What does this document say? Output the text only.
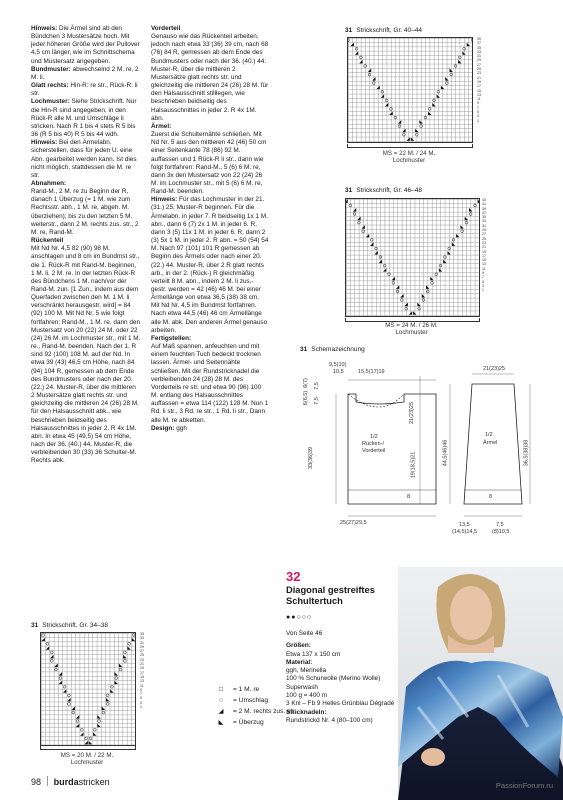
Hinweis: Die Ärmel sind ab den Bündchen 3 Mustersätze hoch. Mit jeder höheren Größe wird der Pullover 4,5 cm länger, wie im Schnittschema und Mustersatz angegeben.

Bundmuster: abwechselnd 2 M. re, 2 M. li.

Glatt rechts: Hin-R: re str., Rück-R: li str.

Lochmuster: Siehe Strickschrift. Nur die Hin-R sind angegeben, in den Rück-R alle M. und Umschläge li stricken. Nach R 1 bis 4 stets R 5 bis 36 (R 5 bis 40) R 5 bis 44 wdh.

Hinweis: Bei den Ärmelabn. sicherstellen, dass für jeden U. eine Abn. gearbeitet werden kann. Ist dies nicht möglich, stattdessen die M. re str.

Abnahmen:

Rand-M., 2 M. re zu Beginn der R, danach 1 Überzug (= 1 M. wie zum Rechtsstr. abh., 1 M. re, abgeh. M. überziehen); bis zu den letzten 5 M. weiterstr., dann 2 M. rechts zus. str., 2 M. re, Rand-M.

Rückenteil

Mit Nd Nr. 4,5 82 (90) 98 M. anschlagen und 8 cm im Bundmst str., die 1. Rück-R mit Rand-M. beginnen, 1 M. li, 2 M. re. In der letzten Rück-R des Bündchens 1 M. nach/vor der Rand-M. zun. [1 Zun., indem aus dem Querfaden zwischen den M. 1 M. li verschränkt herausgestr. wird] = 84 (92) 100 M. Mit Nd Nr. 5 wie folgt fortfahren: Rand-M., 1 M. re, dann den Mustersatz von 20 (22) 24 M. oder 22 (24) 26 M. im Lochmuster str., mit 1 M. re., Rand-M. beenden. Nach der 1. R sind 92 (100) 108 M. auf der Nd. In etwa 39 (43) 46,5 cm Höhe, nach 84 (94) 104 R, gemessen ab dem Ende des Bundmusters oder nach der 20. (22.) 24. Muster-R, über die mittleren 2 Mustersätze glatt rechts str. und gleichzeitig die mittleren 24 (26) 28 M. für den Halsausschnitt abk., wie beschrieben beidseitig des Halsausschnittes in jeder 2. R 4x 1M. abn. In etwa 45 (49,5) 54 cm Höhe, nach der 36. (40.) 44. Muster-R, die verbleibenden 30 (33) 36 Schulter-M. Rechts abk.

Vorderteil

Genauso wie das Rückenteil arbeiten, jedoch nach etwa 33 (36) 39 cm, nach 68 (76) 84 R, gemessen ab dem Ende des Bundmusters oder nach der 36. (40.) 44. Muster-R, über die mittleren 2 Mustersätze glatt rechts str. und gleichzeitig die mittleren 24 (26) 28 M. für den Halsausschnitt stilllegen, wie beschrieben beidseitig des Halsausschnittes in jeder 2. R 4x 1M. abn.

Ärmel:

Zuerst die Schulternähte schließen. Mit Nd Nr. 5 aus den mittleren 42 (46) 50 cm einer Seitenkante 78 (86) 92 M. auffassen und 1 Rück-R li str., dann wie folgt fortfahren: Rand-M., 5 (6) 6 M. re, dann 3x den Mustersatz von 22 (24) 26 M. im Lochmuster str., mit 5 (6) 6 M. re, Rand-M. beenden.

Hinweis: Für das Lochmuster in der 21. (31.) 25. Muster-R beginnen. Für die Ärmelabn. in jeder 7. R beidseitig 1x 1 M. abn., dann 6 (7) 2x 1 M. in jeder 6. R, dann 3 (5) 11x 1 M. in jeder 6. R, dann 2 (3) 5x 1 M. in jeder 2. R abn. = 50 (54) 54 M. Nach 97 (101) 101 R gemessen ab Beginn des Ärmels oder nach einer 20. (22.) 44. Muster-R, über 2 R glatt rechts arb., in der 2. (Rück-) R gleichmäßig verteilt 8 M. abn., indem 2 M. li zus.-gestr. werden = 42 (46) 46 M. bei einer Ärmellänge von etwa 36,5 (38) 38 cm. Mit Nd Nr. 4,5 im Bundmst fortfahren. Nach etwa 44,5 (46) 46 cm Ärmellänge alle M. abk. Den anderen Ärmel genauso arbeiten.

Fertigstellen:

Auf Maß spannen, anfeuchten und mit einem feuchten Tuch bedeckt trocknen lassen. Ärmel- und Seitennähte schließen. Mit der Rundstricknadel die verbleibenden 24 (28) 28 M. des Vorderteils re str. und etwa 90 (96) 100 M. entlang des Halsausschnittes auffassen = etwa 114 (122) 128 M. Nun 1 Rd. li str., 3 Rd. re str., 1 Rd. li str., Dann alle M. re abketten.

Design: ggh

31 Strickschrift, Gr. 40–44
39
37
35
33
31
29
27
25
23
21
19
17
15
13
11
9
7
5
3
1
MS = 22 M. / 24 M.
Lochmuster
31 Strickschrift, Gr. 46–48
43
41
39
37
35
33
31
29
27
25
23
21
19
17
15
13
11
9
7
5
3
1
MS = 24 M. / 26 M.
Lochmuster
31 Schemazeichnung
9,5(10)
10,5	15,5(17)19
6(7)
6(6,5)
7,5
7,5
33(36)39
21(23)25
19(18,5)21
8
25(27)29,5
1/2
Rücken-/
Vorderteil
21(23)25
1/2
Ärmel
44,5(46)46	36,5(38)38
8
13,5
(14,5)14,5
7,5
(8)10,5
31 Strickschrift, Gr. 34–38
35
33
31
29
27
25
23
21
19
17
15
13
11
9
7
5
3
1
MS = 20 M. / 22 M.
Lochmuster
□ = 1 M. re
○ = Umschlag
◢ = 2 M. rechts zus. str.
◣ = Überzug
32
Diagonal gestreiftes Schultertuch
●●○○○
Von Seite 46
Größen:
Etwa 137 x 150 cm
Material:
ggh, Merinella
100 % Schurwolle (Merino Wolle) Superwash
100 g = 400 m
3 Knl – Fb 9 Helles Grünblau Dégradé
Stricknadeln:
Rundstrickd Nr. 4 (80–100 cm)
98 burdastricken	PassionForum.ru
